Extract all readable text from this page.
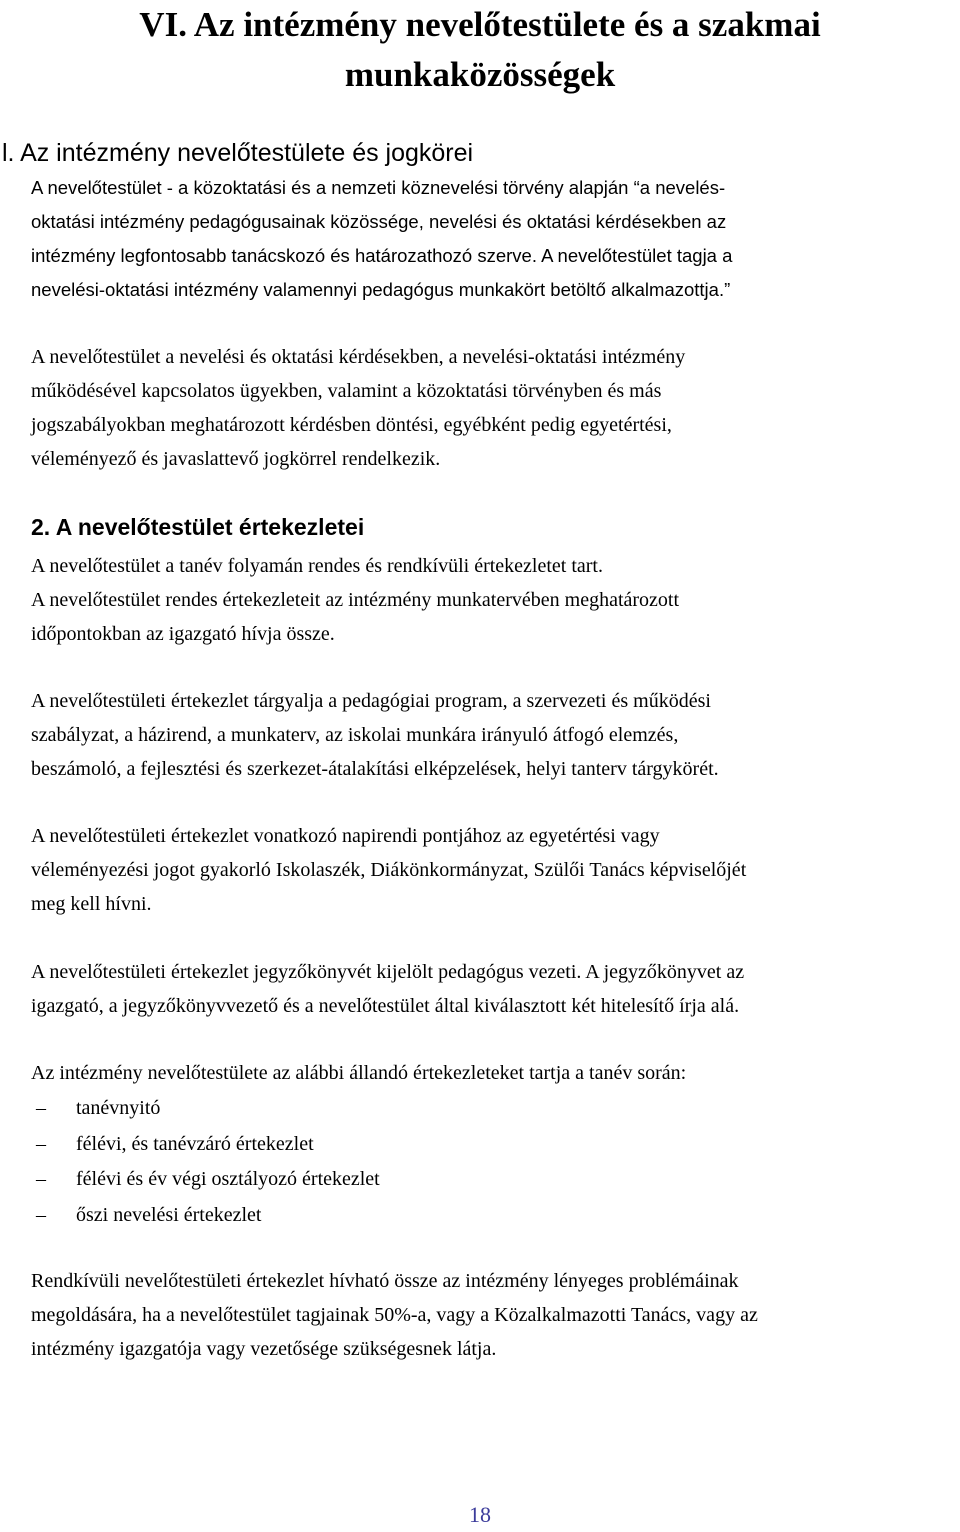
VI. Az intézmény nevelőtestülete és a szakmai
munkaközösségek
l. Az intézmény nevelőtestülete és jogkörei

A nevelőtestület - a közoktatási és a nemzeti köznevelési törvény alapján “a nevelés-
oktatási intézmény pedagógusainak közössége, nevelési és oktatási kérdésekben az
intézmény legfontosabb tanácskozó és határozathozó szerve. A nevelőtestület tagja a
nevelési-oktatási intézmény valamennyi pedagógus munkakört betöltő alkalmazottja.”

A nevelőtestület a nevelési és oktatási kérdésekben, a nevelési-oktatási intézmény
működésével kapcsolatos ügyekben, valamint a közoktatási törvényben és más
jogszabályokban meghatározott kérdésben döntési, egyébként pedig egyetértési,
véleményező és javaslattevő jogkörrel rendelkezik.

2. A nevelőtestület értekezletei

A nevelőtestület a tanév folyamán rendes és rendkívüli értekezletet tart.
A nevelőtestület rendes értekezleteit az intézmény munkatervében meghatározott
időpontokban az igazgató hívja össze.

A nevelőtestületi értekezlet tárgyalja a pedagógiai program, a szervezeti és működési
szabályzat, a házirend, a munkaterv, az iskolai munkára irányuló átfogó elemzés,
beszámoló, a fejlesztési és szerkezet-átalakítási elképzelések, helyi tanterv tárgykörét.

A nevelőtestületi értekezlet vonatkozó napirendi pontjához az egyetértési vagy
véleményezési jogot gyakorló Iskolaszék, Diákönkormányzat, Szülői Tanács képviselőjét
meg kell hívni.

A nevelőtestületi értekezlet jegyzőkönyvét kijelölt pedagógus vezeti. A jegyzőkönyvet az
igazgató, a jegyzőkönyvvezető és a nevelőtestület által kiválasztott két hitelesítő írja alá.

Az intézmény nevelőtestülete az alábbi állandó értekezleteket tartja a tanév során:

– tanévnyitó
– félévi, és tanévzáró értekezlet
– félévi és év végi osztályozó értekezlet
– őszi nevelési értekezlet

Rendkívüli nevelőtestületi értekezlet hívható össze az intézmény lényeges problémáinak
megoldására, ha a nevelőtestület tagjainak 50%-a, vagy a Közalkalmazotti Tanács, vagy az
intézmény igazgatója vagy vezetősége szükségesnek látja.

18
